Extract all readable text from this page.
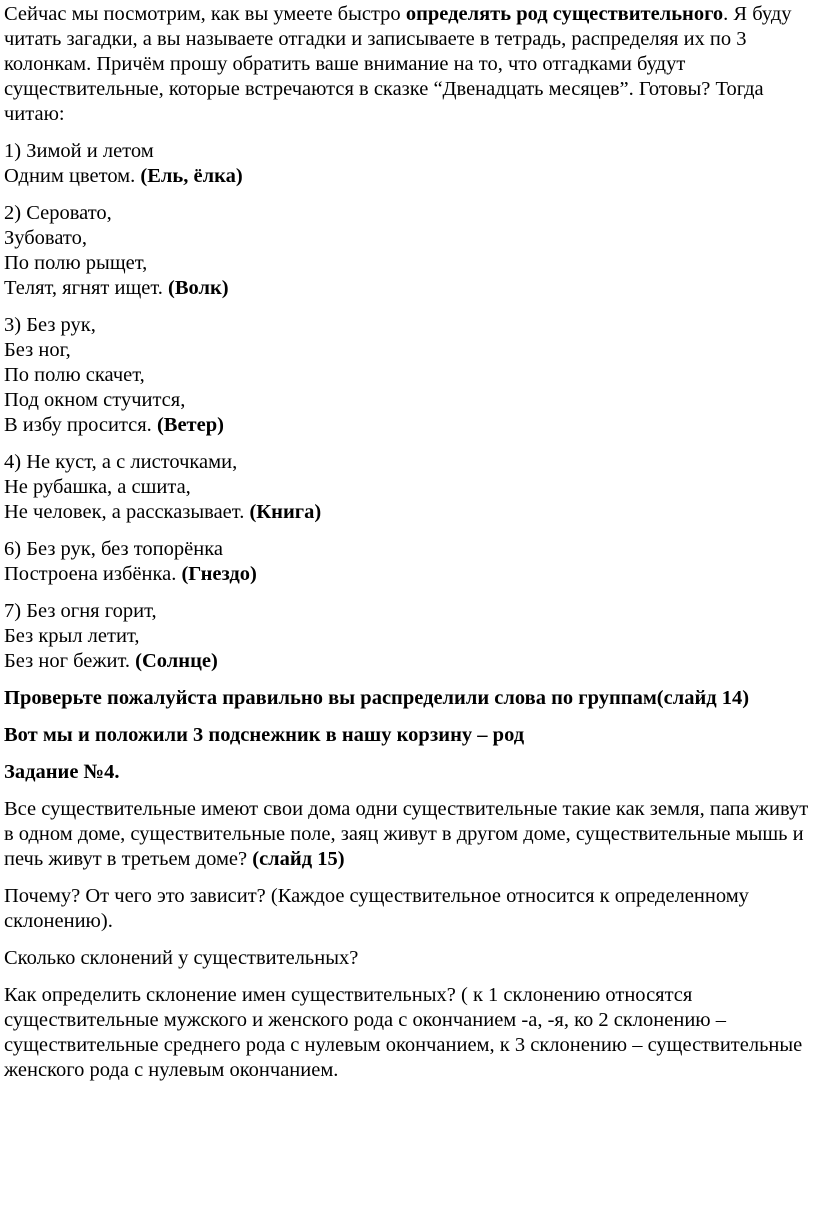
Сейчас мы посмотрим, как вы умеете быстро определять род существительного. Я буду читать загадки, а вы называете отгадки и записываете в тетрадь, распределяя их по 3 колонкам. Причём прошу обратить ваше внимание на то, что отгадками будут существительные, которые встречаются в сказке “Двенадцать месяцев”. Готовы? Тогда читаю:

1) Зимой и летом
Одним цветом. (Ель, ёлка)

2) Серовато,
Зубовато,
По полю рыщет,
Телят, ягнят ищет. (Волк)

3) Без рук,
Без ног,
По полю скачет,
Под окном стучится,
В избу просится. (Ветер)

4) Не куст, а с листочками,
Не рубашка, а сшита,
Не человек, а рассказывает. (Книга)

6) Без рук, без топорёнка
Построена избёнка. (Гнездо)

7) Без огня горит,
Без крыл летит,
Без ног бежит. (Солнце)

Проверьте пожалуйста правильно вы распределили слова по группам(слайд 14)

Вот мы и положили 3 подснежник в нашу корзину – род

Задание №4.

Все существительные имеют свои дома одни существительные такие как земля, папа живут в одном доме, существительные поле, заяц живут в другом доме, существительные мышь и печь живут в третьем доме? (слайд 15)

Почему? От чего это зависит? (Каждое существительное относится к определенному склонению).

Сколько склонений у существительных?

Как определить склонение имен существительных? ( к 1 склонению относятся существительные мужского и женского рода с окончанием -а, -я, ко 2 склонению – существительные среднего рода с нулевым окончанием, к 3 склонению – существительные женского рода с нулевым окончанием.
